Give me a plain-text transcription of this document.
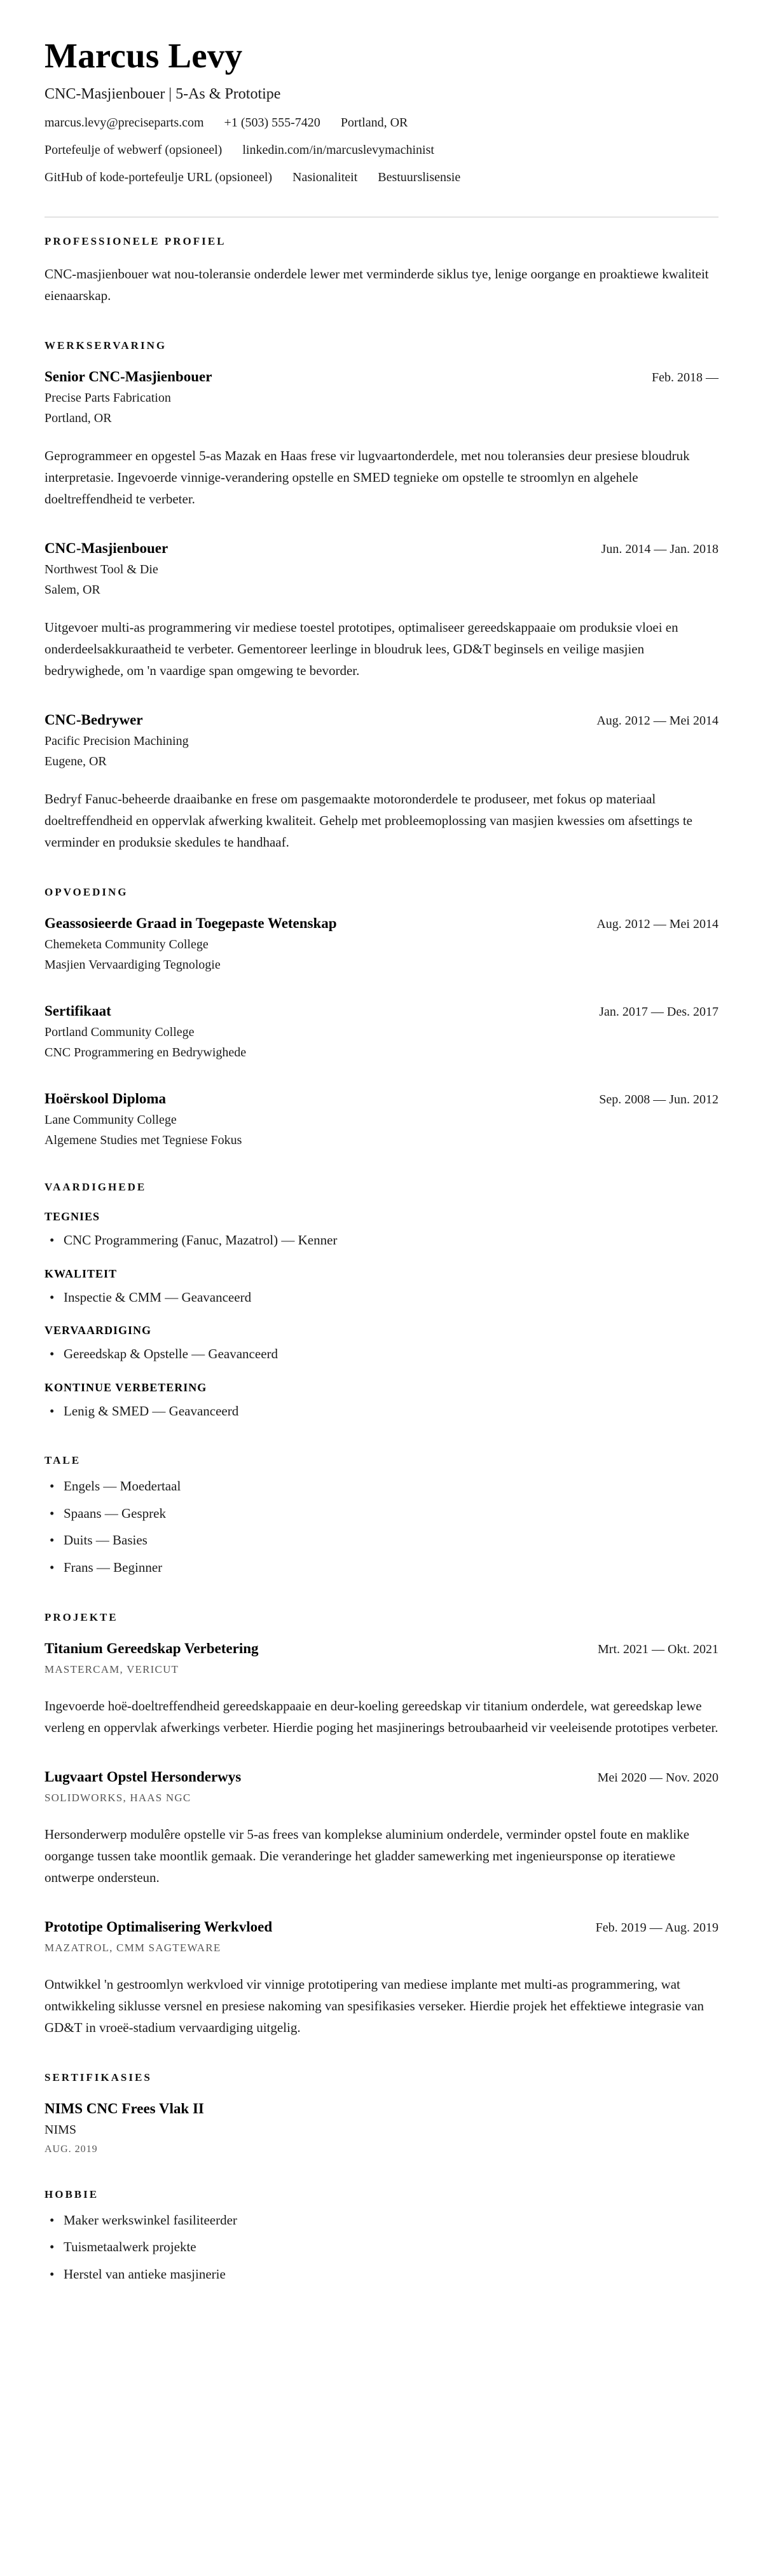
Marcus Levy
CNC-Masjienbouer | 5-As & Prototipe
marcus.levy@preciseparts.com +1 (503) 555-7420 Portland, OR
Portefeulje of webwerf (opsioneel) linkedin.com/in/marcuslevymachinist
GitHub of kode-portefeulje URL (opsioneel) Nasionaliteit Bestuurslisensie
PROFESSIONELE PROFIEL

CNC-masjienbouer wat nou-toleransie onderdele lewer met verminderde siklus tye, lenige oorgange en proaktiewe kwaliteit eienaarskap.

WERKSERVARING
Senior CNC-Masjienbouer	Feb. 2018 —
Precise Parts Fabrication
Portland, OR

Geprogrammeer en opgestel 5-as Mazak en Haas frese vir lugvaartonderdele, met nou toleransies deur presiese bloudruk interpretasie. Ingevoerde vinnige-verandering opstelle en SMED tegnieke om opstelle te stroomlyn en algehele doeltreffendheid te verbeter.

CNC-Masjienbouer	Jun. 2014 — Jan. 2018
Northwest Tool & Die
Salem, OR

Uitgevoer multi-as programmering vir mediese toestel prototipes, optimaliseer gereedskappaaie om produksie vloei en onderdeelsakkuraatheid te verbeter. Gementoreer leerlinge in bloudruk lees, GD&T beginsels en veilige masjien bedrywighede, om 'n vaardige span omgewing te bevorder.

CNC-Bedrywer	Aug. 2012 — Mei 2014
Pacific Precision Machining
Eugene, OR

Bedryf Fanuc-beheerde draaibanke en frese om pasgemaakte motoronderdele te produseer, met fokus op materiaal doeltreffendheid en oppervlak afwerking kwaliteit. Gehelp met probleemoplossing van masjien kwessies om afsettings te verminder en produksie skedules te handhaaf.

OPVOEDING
Geassosieerde Graad in Toegepaste Wetenskap	Aug. 2012 — Mei 2014
Chemeketa Community College
Masjien Vervaardiging Tegnologie
Sertifikaat	Jan. 2017 — Des. 2017
Portland Community College
CNC Programmering en Bedrywighede
Hoërskool Diploma	Sep. 2008 — Jun. 2012
Lane Community College
Algemene Studies met Tegniese Fokus
VAARDIGHEDE
TEGNIES
• CNC Programmering (Fanuc, Mazatrol) — Kenner
KWALITEIT
• Inspectie & CMM — Geavanceerd
VERVAARDIGING
• Gereedskap & Opstelle — Geavanceerd
KONTINUE VERBETERING
• Lenig & SMED — Geavanceerd
TALE
• Engels — Moedertaal
• Spaans — Gesprek
• Duits — Basies
• Frans — Beginner
PROJEKTE
Titanium Gereedskap Verbetering	Mrt. 2021 — Okt. 2021
MASTERCAM, VERICUT

Ingevoerde hoë-doeltreffendheid gereedskappaaie en deur-koeling gereedskap vir titanium onderdele, wat gereedskap lewe verleng en oppervlak afwerkings verbeter. Hierdie poging het masjinerings betroubaarheid vir veeleisende prototipes verbeter.

Lugvaart Opstel Hersonderwys	Mei 2020 — Nov. 2020
SOLIDWORKS, HAAS NGC

Hersonderwerp modulêre opstelle vir 5-as frees van komplekse aluminium onderdele, verminder opstel foute en maklike oorgange tussen take moontlik gemaak. Die veranderinge het gladder samewerking met ingenieursponse op iteratiewe ontwerpe ondersteun.

Prototipe Optimalisering Werkvloed	Feb. 2019 — Aug. 2019
MAZATROL, CMM SAGTEWARE

Ontwikkel 'n gestroomlyn werkvloed vir vinnige prototipering van mediese implante met multi-as programmering, wat ontwikkeling siklusse versnel en presiese nakoming van spesifikasies verseker. Hierdie projek het effektiewe integrasie van GD&T in vroeë-stadium vervaardiging uitgelig.

SERTIFIKASIES
NIMS CNC Frees Vlak II
NIMS
AUG. 2019
HOBBIE
• Maker werkswinkel fasiliteerder
• Tuismetaalwerk projekte
• Herstel van antieke masjinerie
